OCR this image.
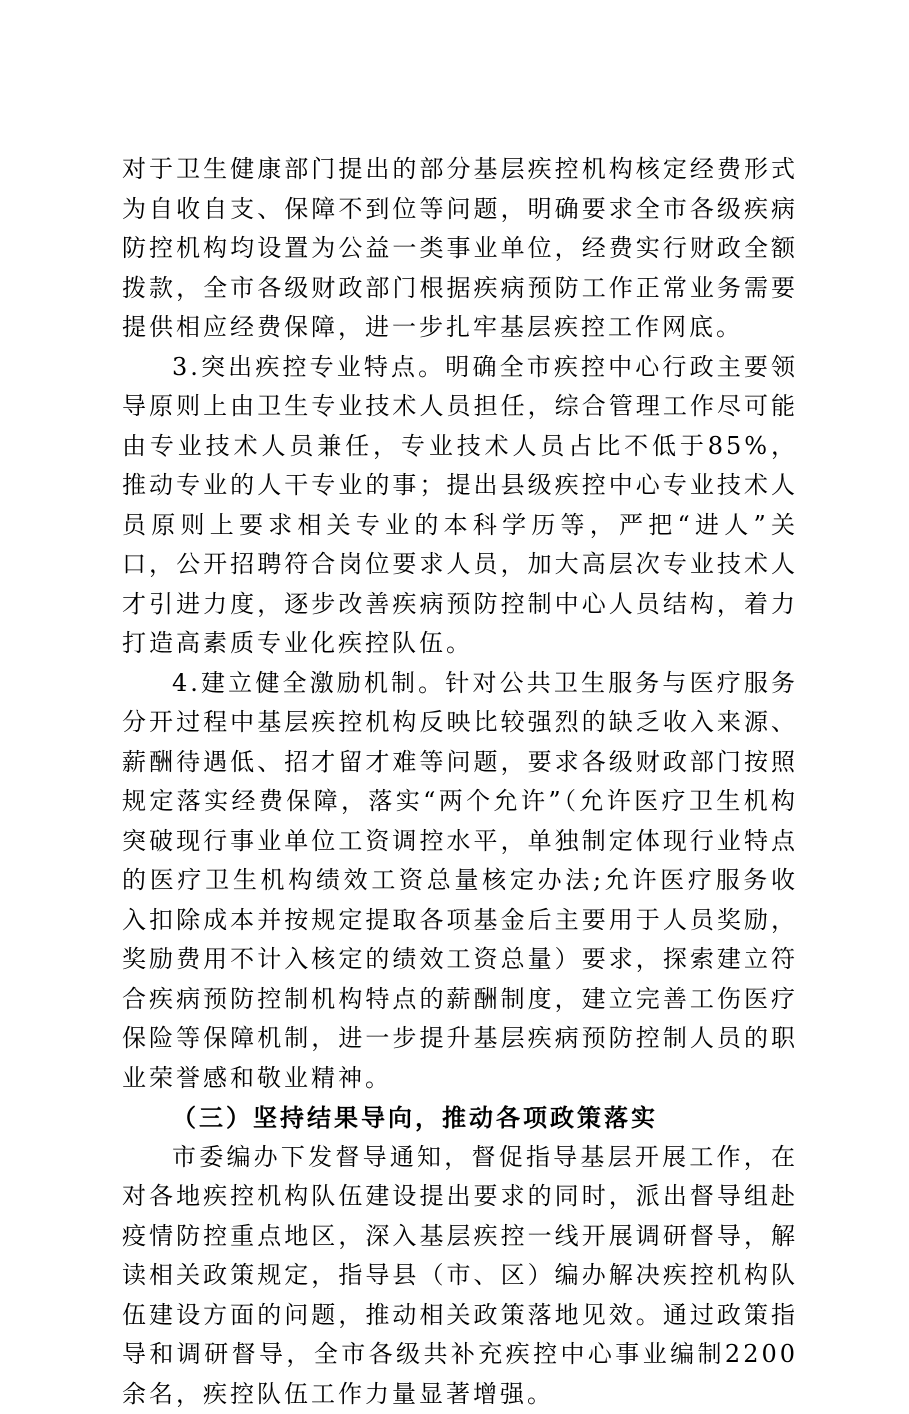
对于卫生健康部门提出的部分基层疾控机构核定经费形式为自收自支、保障不到位等问题，明确要求全市各级疾病防控机构均设置为公益一类事业单位，经费实行财政全额拨款，全市各级财政部门根据疾病预防工作正常业务需要提供相应经费保障，进一步扎牢基层疾控工作网底。

3.突出疾控专业特点。明确全市疾控中心行政主要领导原则上由卫生专业技术人员担任，综合管理工作尽可能由专业技术人员兼任，专业技术人员占比不低于85%，推动专业的人干专业的事；提出县级疾控中心专业技术人员原则上要求相关专业的本科学历等，严把“进人”关口，公开招聘符合岗位要求人员，加大高层次专业技术人才引进力度，逐步改善疾病预防控制中心人员结构，着力打造高素质专业化疾控队伍。

4.建立健全激励机制。针对公共卫生服务与医疗服务分开过程中基层疾控机构反映比较强烈的缺乏收入来源、薪酬待遇低、招才留才难等问题，要求各级财政部门按照规定落实经费保障，落实“两个允许”（允许医疗卫生机构突破现行事业单位工资调控水平，单独制定体现行业特点的医疗卫生机构绩效工资总量核定办法;允许医疗服务收入扣除成本并按规定提取各项基金后主要用于人员奖励，奖励费用不计入核定的绩效工资总量）要求，探索建立符合疾病预防控制机构特点的薪酬制度，建立完善工伤医疗保险等保障机制，进一步提升基层疾病预防控制人员的职业荣誉感和敬业精神。

（三）坚持结果导向，推动各项政策落实

市委编办下发督导通知，督促指导基层开展工作，在对各地疾控机构队伍建设提出要求的同时，派出督导组赴疫情防控重点地区，深入基层疾控一线开展调研督导，解读相关政策规定，指导县（市、区）编办解决疾控机构队伍建设方面的问题，推动相关政策落地见效。通过政策指导和调研督导，全市各级共补充疾控中心事业编制2200余名，疾控队伍工作力量显著增强。
